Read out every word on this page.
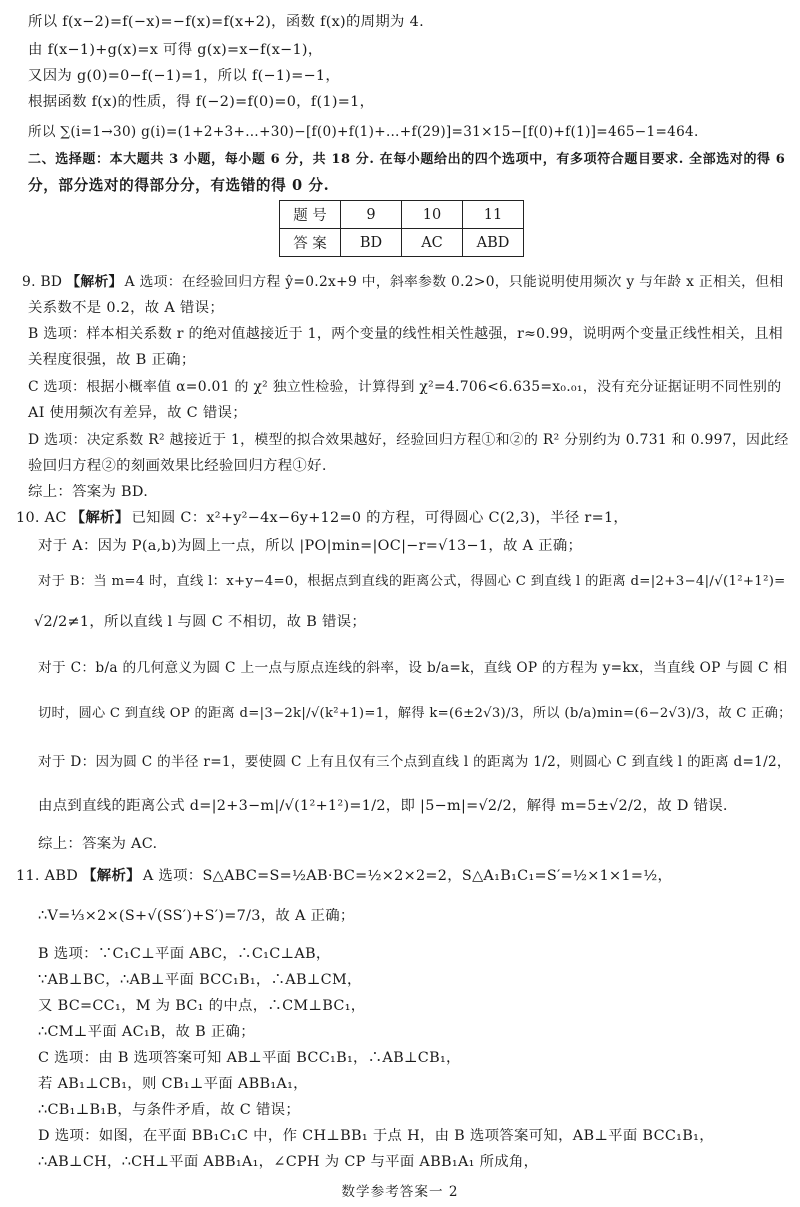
所以 f(x−2)=f(−x)=−f(x)=f(x+2)，函数 f(x)的周期为 4.
由 f(x−1)+g(x)=x 可得 g(x)=x−f(x−1)，
又因为 g(0)=0−f(−1)=1，所以 f(−1)=−1，
根据函数 f(x)的性质，得 f(−2)=f(0)=0，f(1)=1，
所以 ∑(i=1→30) g(i)=(1+2+3+…+30)−[f(0)+f(1)+…+f(29)]=31×15−[f(0)+f(1)]=465−1=464.
二、选择题：本大题共 3 小题，每小题 6 分，共 18 分. 在每小题给出的四个选项中，有多项符合题目要求. 全部选对的得 6
分，部分选对的得部分分，有选错的得 0 分.
题 号	9	10	11
答 案	BD	AC	ABD
9. BD 【解析】 A 选项：在经验回归方程 ŷ=0.2x+9 中，斜率参数 0.2>0，只能说明使用频次 y 与年龄 x 正相关，但相
关系数不是 0.2，故 A 错误；
B 选项：样本相关系数 r 的绝对值越接近于 1，两个变量的线性相关性越强，r≈0.99，说明两个变量正线性相关，且相
关程度很强，故 B 正确；
C 选项：根据小概率值 α=0.01 的 χ² 独立性检验，计算得到 χ²=4.706<6.635=x₀.₀₁，没有充分证据证明不同性别的
AI 使用频次有差异，故 C 错误；
D 选项：决定系数 R² 越接近于 1，模型的拟合效果越好，经验回归方程①和②的 R² 分别约为 0.731 和 0.997，因此经
验回归方程②的刻画效果比经验回归方程①好.
综上：答案为 BD.
10. AC 【解析】 已知圆 C：x²+y²−4x−6y+12=0 的方程，可得圆心 C(2,3)，半径 r=1，
对于 A：因为 P(a,b)为圆上一点，所以 |PO|min=|OC|−r=√13−1，故 A 正确；
对于 B：当 m=4 时，直线 l：x+y−4=0，根据点到直线的距离公式，得圆心 C 到直线 l 的距离 d=|2+3−4|/√(1²+1²)=
√2/2≠1，所以直线 l 与圆 C 不相切，故 B 错误；
对于 C：b/a 的几何意义为圆 C 上一点与原点连线的斜率，设 b/a=k，直线 OP 的方程为 y=kx，当直线 OP 与圆 C 相
切时，圆心 C 到直线 OP 的距离 d=|3−2k|/√(k²+1)=1，解得 k=(6±2√3)/3，所以 (b/a)min=(6−2√3)/3，故 C 正确；
对于 D：因为圆 C 的半径 r=1，要使圆 C 上有且仅有三个点到直线 l 的距离为 1/2，则圆心 C 到直线 l 的距离 d=1/2，
由点到直线的距离公式 d=|2+3−m|/√(1²+1²)=1/2，即 |5−m|=√2/2，解得 m=5±√2/2，故 D 错误.
综上：答案为 AC.
11. ABD 【解析】 A 选项：S△ABC=S=½AB·BC=½×2×2=2，S△A₁B₁C₁=S′=½×1×1=½，
∴V=⅓×2×(S+√(SS′)+S′)=7/3，故 A 正确；
B 选项：∵C₁C⊥平面 ABC，∴C₁C⊥AB，
∵AB⊥BC，∴AB⊥平面 BCC₁B₁，∴AB⊥CM，
又 BC=CC₁，M 为 BC₁ 的中点，∴CM⊥BC₁，
∴CM⊥平面 AC₁B，故 B 正确；
C 选项：由 B 选项答案可知 AB⊥平面 BCC₁B₁，∴AB⊥CB₁，
若 AB₁⊥CB₁，则 CB₁⊥平面 ABB₁A₁，
∴CB₁⊥B₁B，与条件矛盾，故 C 错误；
D 选项：如图，在平面 BB₁C₁C 中，作 CH⊥BB₁ 于点 H，由 B 选项答案可知，AB⊥平面 BCC₁B₁，
∴AB⊥CH，∴CH⊥平面 ABB₁A₁，∠CPH 为 CP 与平面 ABB₁A₁ 所成角，
数学参考答案一 2
